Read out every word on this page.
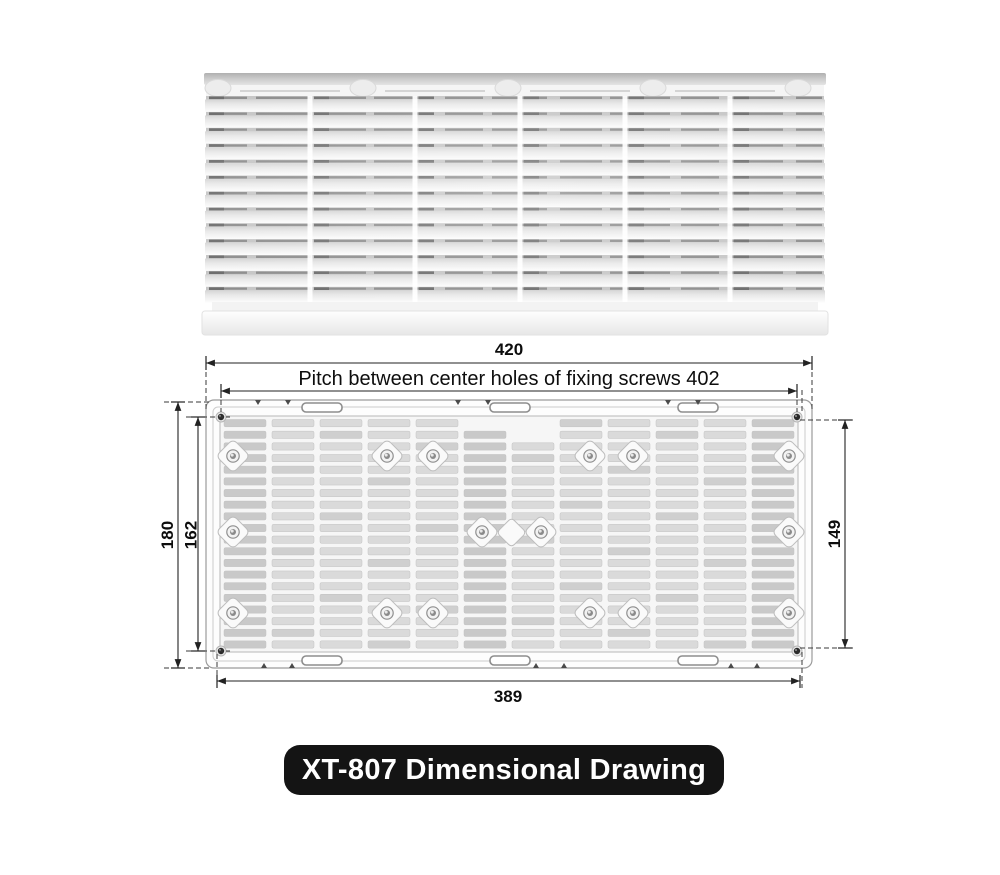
420
Pitch between center holes of fixing screws 402
180 162	149
389
XT-807 Dimensional Drawing
